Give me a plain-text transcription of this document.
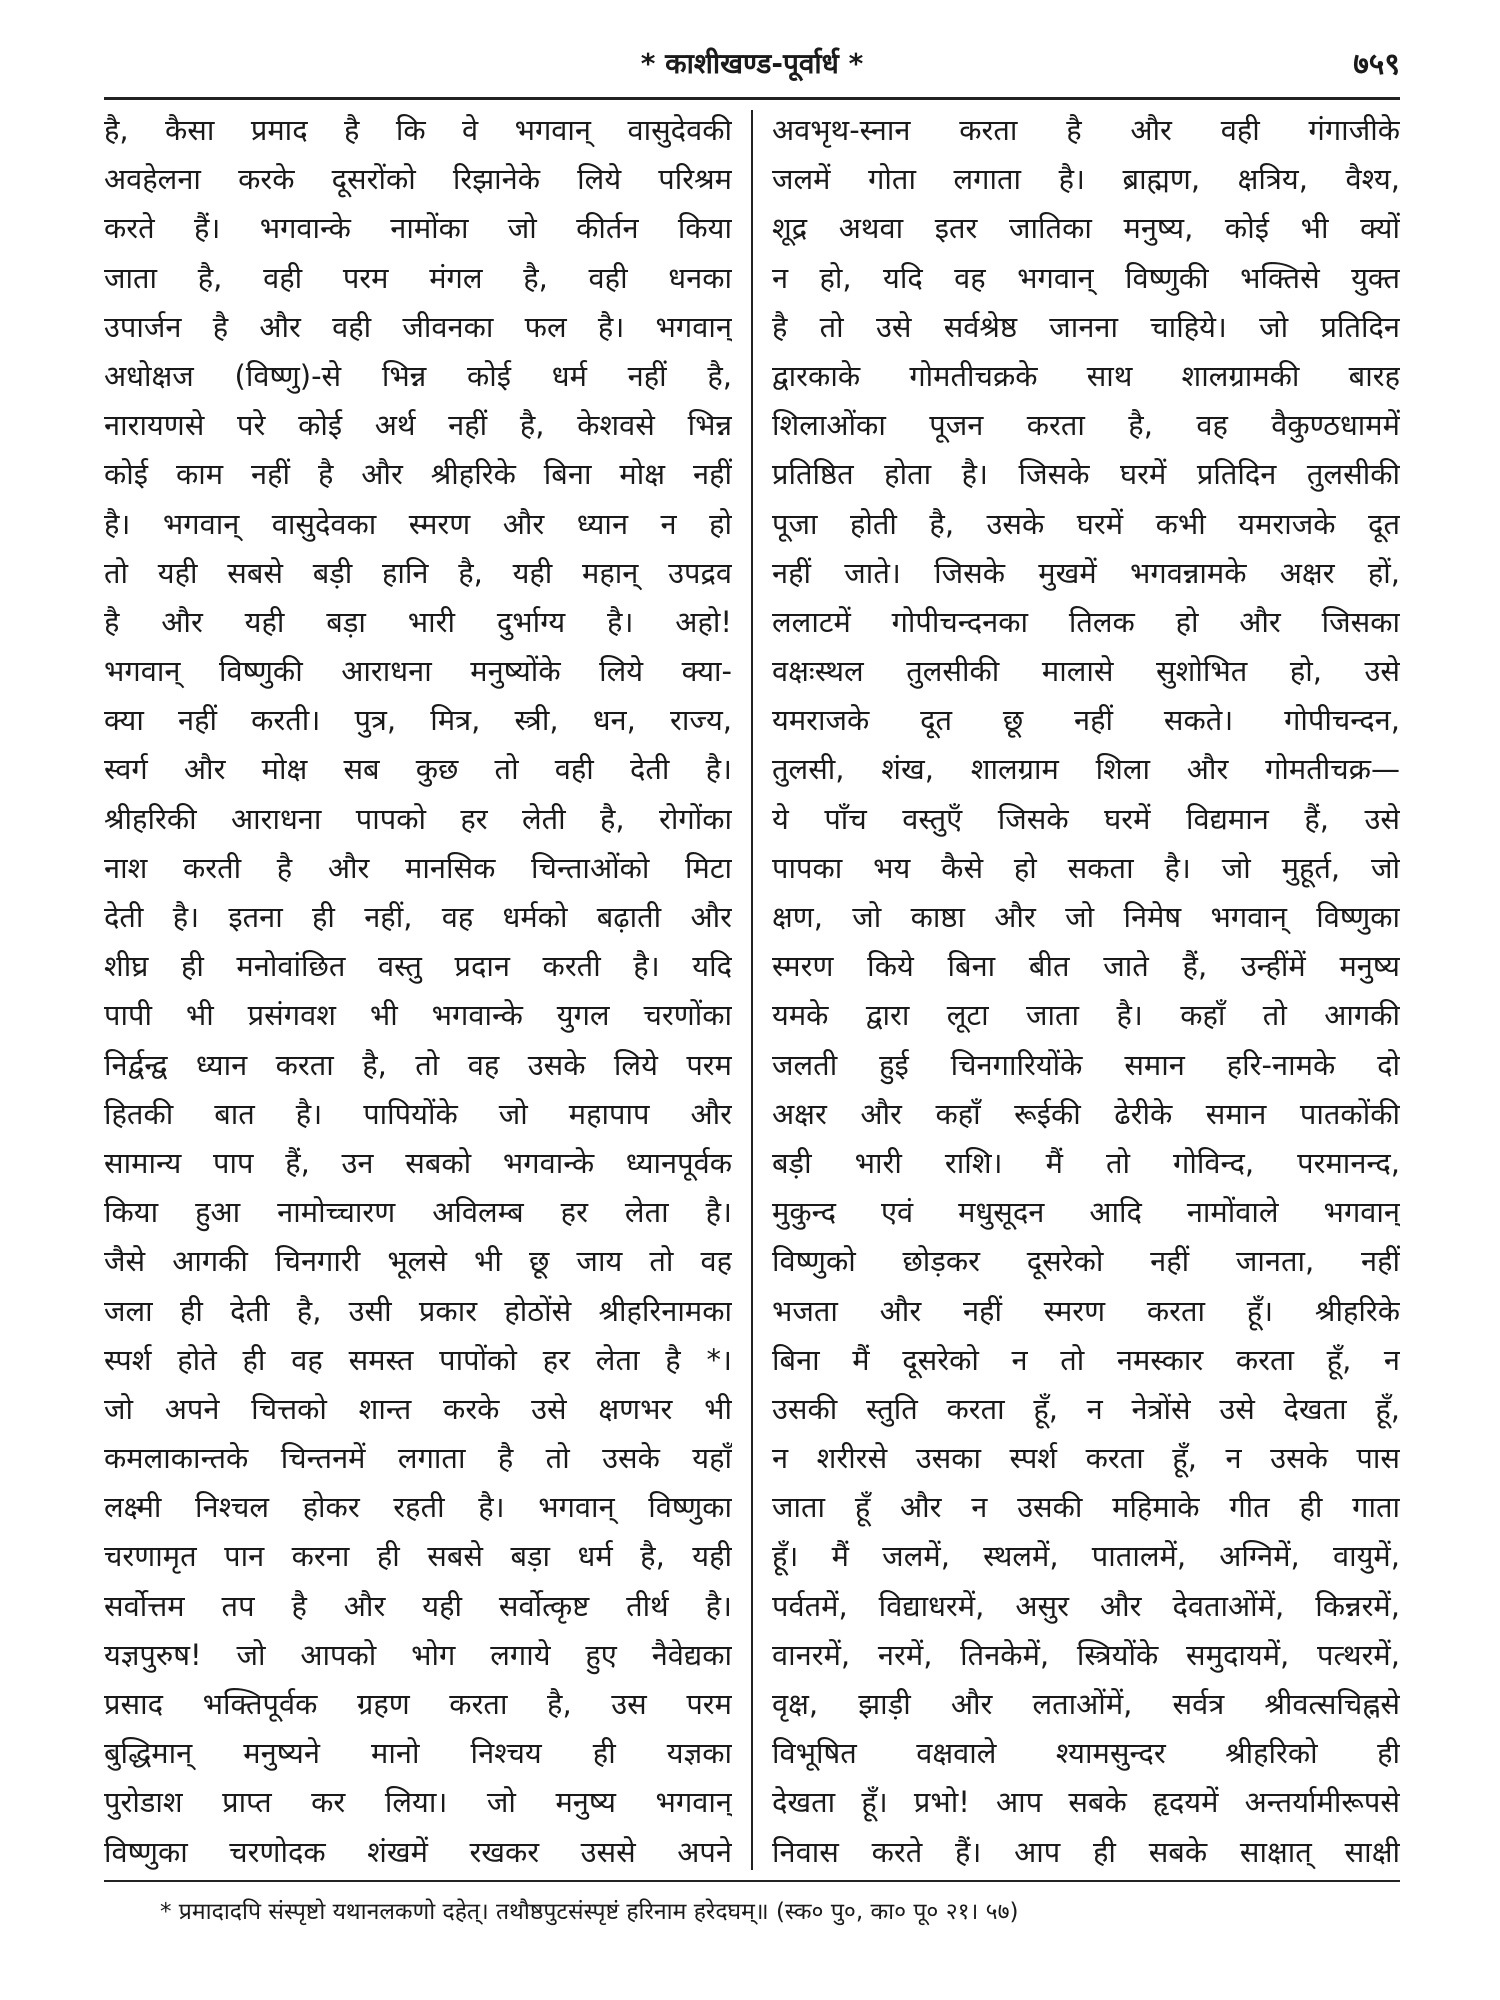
* काशीखण्ड-पूर्वार्ध *	७५९
है, कैसा प्रमाद है कि वे भगवान् वासुदेवकी
अवहेलना करके दूसरोंको रिझानेके लिये परिश्रम
करते हैं। भगवान्के नामोंका जो कीर्तन किया
जाता है, वही परम मंगल है, वही धनका
उपार्जन है और वही जीवनका फल है। भगवान्
अधोक्षज (विष्णु)-से भिन्न कोई धर्म नहीं है,
नारायणसे परे कोई अर्थ नहीं है, केशवसे भिन्न
कोई काम नहीं है और श्रीहरिके बिना मोक्ष नहीं
है। भगवान् वासुदेवका स्मरण और ध्यान न हो
तो यही सबसे बड़ी हानि है, यही महान् उपद्रव
है और यही बड़ा भारी दुर्भाग्य है। अहो!
भगवान् विष्णुकी आराधना मनुष्योंके लिये क्या-
क्या नहीं करती। पुत्र, मित्र, स्त्री, धन, राज्य,
स्वर्ग और मोक्ष सब कुछ तो वही देती है।
श्रीहरिकी आराधना पापको हर लेती है, रोगोंका
नाश करती है और मानसिक चिन्ताओंको मिटा
देती है। इतना ही नहीं, वह धर्मको बढ़ाती और
शीघ्र ही मनोवांछित वस्तु प्रदान करती है। यदि
पापी भी प्रसंगवश भी भगवान्के युगल चरणोंका
निर्द्वन्द्व ध्यान करता है, तो वह उसके लिये परम
हितकी बात है। पापियोंके जो महापाप और
सामान्य पाप हैं, उन सबको भगवान्के ध्यानपूर्वक
किया हुआ नामोच्चारण अविलम्ब हर लेता है।
जैसे आगकी चिनगारी भूलसे भी छू जाय तो वह
जला ही देती है, उसी प्रकार होठोंसे श्रीहरिनामका
स्पर्श होते ही वह समस्त पापोंको हर लेता है *।
जो अपने चित्तको शान्त करके उसे क्षणभर भी
कमलाकान्तके चिन्तनमें लगाता है तो उसके यहाँ
लक्ष्मी निश्चल होकर रहती है। भगवान् विष्णुका
चरणामृत पान करना ही सबसे बड़ा धर्म है, यही
सर्वोत्तम तप है और यही सर्वोत्कृष्ट तीर्थ है।
यज्ञपुरुष! जो आपको भोग लगाये हुए नैवेद्यका
प्रसाद भक्तिपूर्वक ग्रहण करता है, उस परम
बुद्धिमान् मनुष्यने मानो निश्चय ही यज्ञका
पुरोडाश प्राप्त कर लिया। जो मनुष्य भगवान्
विष्णुका चरणोदक शंखमें रखकर उससे अपने
अवभृथ-स्नान करता है और वही गंगाजीके
जलमें गोता लगाता है। ब्राह्मण, क्षत्रिय, वैश्य,
शूद्र अथवा इतर जातिका मनुष्य, कोई भी क्यों
न हो, यदि वह भगवान् विष्णुकी भक्तिसे युक्त
है तो उसे सर्वश्रेष्ठ जानना चाहिये। जो प्रतिदिन
द्वारकाके गोमतीचक्रके साथ शालग्रामकी बारह
शिलाओंका पूजन करता है, वह वैकुण्ठधाममें
प्रतिष्ठित होता है। जिसके घरमें प्रतिदिन तुलसीकी
पूजा होती है, उसके घरमें कभी यमराजके दूत
नहीं जाते। जिसके मुखमें भगवन्नामके अक्षर हों,
ललाटमें गोपीचन्दनका तिलक हो और जिसका
वक्षःस्थल तुलसीकी मालासे सुशोभित हो, उसे
यमराजके दूत छू नहीं सकते। गोपीचन्दन,
तुलसी, शंख, शालग्राम शिला और गोमतीचक्र—
ये पाँच वस्तुएँ जिसके घरमें विद्यमान हैं, उसे
पापका भय कैसे हो सकता है। जो मुहूर्त, जो
क्षण, जो काष्ठा और जो निमेष भगवान् विष्णुका
स्मरण किये बिना बीत जाते हैं, उन्हींमें मनुष्य
यमके द्वारा लूटा जाता है। कहाँ तो आगकी
जलती हुई चिनगारियोंके समान हरि-नामके दो
अक्षर और कहाँ रूईकी ढेरीके समान पातकोंकी
बड़ी भारी राशि। मैं तो गोविन्द, परमानन्द,
मुकुन्द एवं मधुसूदन आदि नामोंवाले भगवान्
विष्णुको छोड़कर दूसरेको नहीं जानता, नहीं
भजता और नहीं स्मरण करता हूँ। श्रीहरिके
बिना मैं दूसरेको न तो नमस्कार करता हूँ, न
उसकी स्तुति करता हूँ, न नेत्रोंसे उसे देखता हूँ,
न शरीरसे उसका स्पर्श करता हूँ, न उसके पास
जाता हूँ और न उसकी महिमाके गीत ही गाता
हूँ। मैं जलमें, स्थलमें, पातालमें, अग्निमें, वायुमें,
पर्वतमें, विद्याधरमें, असुर और देवताओंमें, किन्नरमें,
वानरमें, नरमें, तिनकेमें, स्त्रियोंके समुदायमें, पत्थरमें,
वृक्ष, झाड़ी और लताओंमें, सर्वत्र श्रीवत्सचिह्नसे
विभूषित वक्षवाले श्यामसुन्दर श्रीहरिको ही
देखता हूँ। प्रभो! आप सबके हृदयमें अन्तर्यामीरूपसे
निवास करते हैं। आप ही सबके साक्षात् साक्षी
* प्रमादादपि संस्पृष्टो यथानलकणो दहेत्। तथौष्ठपुटसंस्पृष्टं हरिनाम हरेदघम्॥ (स्क० पु०, का० पू० २१। ५७)
